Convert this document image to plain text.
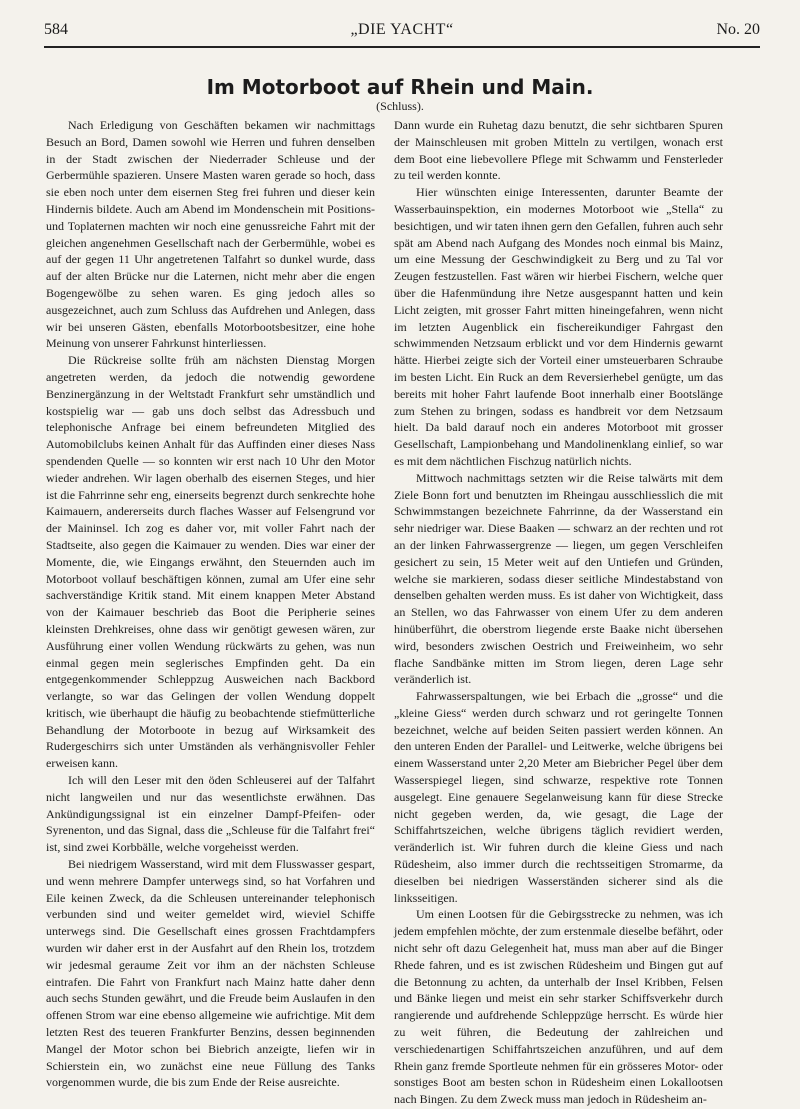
584	„DIE YACHT“	No. 20
Im Motorboot auf Rhein und Main.
(Schluss).

Nach Erledigung von Geschäften bekamen wir nachmittags Besuch an Bord, Damen sowohl wie Herren und fuhren denselben in der Stadt zwischen der Niederrader Schleuse und der Gerbermühle spazieren. Unsere Masten waren gerade so hoch, dass sie eben noch unter dem eisernen Steg frei fuhren und dieser kein Hindernis bildete. Auch am Abend im Mondenschein mit Positions- und Toplaternen machten wir noch eine genussreiche Fahrt mit der gleichen angenehmen Gesellschaft nach der Gerbermühle, wobei es auf der gegen 11 Uhr angetretenen Talfahrt so dunkel wurde, dass auf der alten Brücke nur die Laternen, nicht mehr aber die engen Bogengewölbe zu sehen waren. Es ging jedoch alles so ausgezeichnet, auch zum Schluss das Aufdrehen und Anlegen, dass wir bei unseren Gästen, ebenfalls Motorbootsbesitzer, eine hohe Meinung von unserer Fahrkunst hinterliessen.

Die Rückreise sollte früh am nächsten Dienstag Morgen angetreten werden, da jedoch die notwendig gewordene Benzinergänzung in der Weltstadt Frankfurt sehr umständlich und kostspielig war — gab uns doch selbst das Adressbuch und telephonische Anfrage bei einem befreundeten Mitglied des Automobilclubs keinen Anhalt für das Auffinden einer dieses Nass spendenden Quelle — so konnten wir erst nach 10 Uhr den Motor wieder andrehen. Wir lagen oberhalb des eisernen Steges, und hier ist die Fahrrinne sehr eng, einerseits begrenzt durch senkrechte hohe Kaimauern, andererseits durch flaches Wasser auf Felsengrund vor der Maininsel. Ich zog es daher vor, mit voller Fahrt nach der Stadtseite, also gegen die Kaimauer zu wenden. Dies war einer der Momente, die, wie Eingangs erwähnt, den Steuernden auch im Motorboot vollauf beschäftigen können, zumal am Ufer eine sehr sachverständige Kritik stand. Mit einem knappen Meter Abstand von der Kaimauer beschrieb das Boot die Peripherie seines kleinsten Drehkreises, ohne dass wir genötigt gewesen wären, zur Ausführung einer vollen Wendung rückwärts zu gehen, was nun einmal gegen mein seglerisches Empfinden geht. Da ein entgegenkommender Schleppzug Ausweichen nach Backbord verlangte, so war das Gelingen der vollen Wendung doppelt kritisch, wie überhaupt die häufig zu beobachtende stiefmütterliche Behandlung der Motorboote in bezug auf Wirksamkeit des Rudergeschirrs sich unter Umständen als verhängnisvoller Fehler erweisen kann.

Ich will den Leser mit den öden Schleuserei auf der Talfahrt nicht langweilen und nur das wesentlichste erwähnen. Das Ankündigungssignal ist ein einzelner Dampf-Pfeifen- oder Syrenenton, und das Signal, dass die „Schleuse für die Talfahrt frei“ ist, sind zwei Korbbälle, welche vorgeheisst werden.

Bei niedrigem Wasserstand, wird mit dem Flusswasser gespart, und wenn mehrere Dampfer unterwegs sind, so hat Vorfahren und Eile keinen Zweck, da die Schleusen untereinander telephonisch verbunden sind und weiter gemeldet wird, wieviel Schiffe unterwegs sind. Die Gesellschaft eines grossen Frachtdampfers wurden wir daher erst in der Ausfahrt auf den Rhein los, trotzdem wir jedesmal geraume Zeit vor ihm an der nächsten Schleuse eintrafen. Die Fahrt von Frankfurt nach Mainz hatte daher denn auch sechs Stunden gewährt, und die Freude beim Auslaufen in den offenen Strom war eine ebenso allgemeine wie aufrichtige. Mit dem letzten Rest des teueren Frankfurter Benzins, dessen beginnenden Mangel der Motor schon bei Biebrich anzeigte, liefen wir in Schierstein ein, wo zunächst eine neue Füllung des Tanks vorgenommen wurde, die bis zum Ende der Reise ausreichte.

Dann wurde ein Ruhetag dazu benutzt, die sehr sichtbaren Spuren der Mainschleusen mit groben Mitteln zu vertilgen, wonach erst dem Boot eine liebevollere Pflege mit Schwamm und Fensterleder zu teil werden konnte.

Hier wünschten einige Interessenten, darunter Beamte der Wasserbauinspektion, ein modernes Motorboot wie „Stella“ zu besichtigen, und wir taten ihnen gern den Gefallen, fuhren auch sehr spät am Abend nach Aufgang des Mondes noch einmal bis Mainz, um eine Messung der Geschwindigkeit zu Berg und zu Tal vor Zeugen festzustellen. Fast wären wir hierbei Fischern, welche quer über die Hafenmündung ihre Netze ausgespannt hatten und kein Licht zeigten, mit grosser Fahrt mitten hineingefahren, wenn nicht im letzten Augenblick ein fischereikundiger Fahrgast den schwimmenden Netzsaum erblickt und vor dem Hindernis gewarnt hätte. Hierbei zeigte sich der Vorteil einer umsteuerbaren Schraube im besten Licht. Ein Ruck an dem Reversierhebel genügte, um das bereits mit hoher Fahrt laufende Boot innerhalb einer Bootslänge zum Stehen zu bringen, sodass es handbreit vor dem Netzsaum hielt. Da bald darauf noch ein anderes Motorboot mit grosser Gesellschaft, Lampionbehang und Mandolinenklang einlief, so war es mit dem nächtlichen Fischzug natürlich nichts.

Mittwoch nachmittags setzten wir die Reise talwärts mit dem Ziele Bonn fort und benutzten im Rheingau ausschliesslich die mit Schwimmstangen bezeichnete Fahrrinne, da der Wasserstand ein sehr niedriger war. Diese Baaken — schwarz an der rechten und rot an der linken Fahrwassergrenze — liegen, um gegen Verschleifen gesichert zu sein, 15 Meter weit auf den Untiefen und Gründen, welche sie markieren, sodass dieser seitliche Mindestabstand von denselben gehalten werden muss. Es ist daher von Wichtigkeit, dass an Stellen, wo das Fahrwasser von einem Ufer zu dem anderen hinüberführt, die oberstrom liegende erste Baake nicht übersehen wird, besonders zwischen Oestrich und Freiweinheim, wo sehr flache Sandbänke mitten im Strom liegen, deren Lage sehr veränderlich ist.

Fahrwasserspaltungen, wie bei Erbach die „grosse“ und die „kleine Giess“ werden durch schwarz und rot geringelte Tonnen bezeichnet, welche auf beiden Seiten passiert werden können. An den unteren Enden der Parallel- und Leitwerke, welche übrigens bei einem Wasserstand unter 2,20 Meter am Biebricher Pegel über dem Wasserspiegel liegen, sind schwarze, respektive rote Tonnen ausgelegt. Eine genauere Segelanweisung kann für diese Strecke nicht gegeben werden, da, wie gesagt, die Lage der Schiffahrtszeichen, welche übrigens täglich revidiert werden, veränderlich ist. Wir fuhren durch die kleine Giess und nach Rüdesheim, also immer durch die rechtsseitigen Stromarme, da dieselben bei niedrigen Wasserständen sicherer sind als die linksseitigen.

Um einen Lootsen für die Gebirgsstrecke zu nehmen, was ich jedem empfehlen möchte, der zum erstenmale dieselbe befährt, oder nicht sehr oft dazu Gelegenheit hat, muss man aber auf die Binger Rhede fahren, und es ist zwischen Rüdesheim und Bingen gut auf die Betonnung zu achten, da unterhalb der Insel Kribben, Felsen und Bänke liegen und meist ein sehr starker Schiffsverkehr durch rangierende und aufdrehende Schleppzüge herrscht. Es würde hier zu weit führen, die Bedeutung der zahlreichen und verschiedenartigen Schiffahrtszeichen anzuführen, und auf dem Rhein ganz fremde Sportleute nehmen für ein grösseres Motor- oder sonstiges Boot am besten schon in Rüdesheim einen Lokallootsen nach Bingen. Zu dem Zweck muss man jedoch in Rüdesheim an-
